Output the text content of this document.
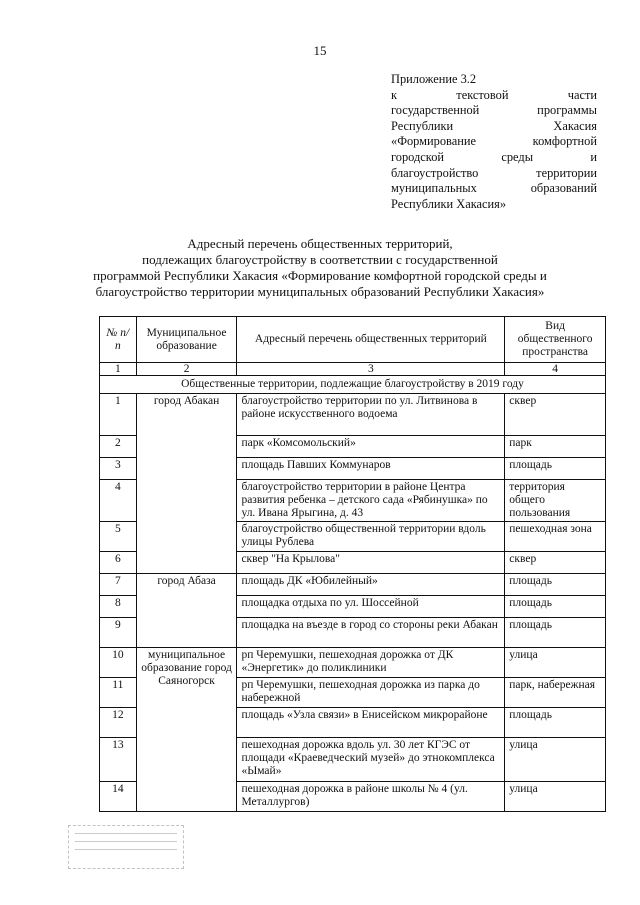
15
Приложение 3.2
к текстовой части
государственной программы
Республики Хакасия
«Формирование комфортной
городской среды и
благоустройство территории
муниципальных образований
Республики Хакасия»
Адресный перечень общественных территорий,
подлежащих благоустройству в соответствии с государственной
программой Республики Хакасия «Формирование комфортной городской среды и
благоустройство территории муниципальных образований Республики Хакасия»
№ п/п	Муниципальное образование	Адресный перечень общественных территорий	Вид общественного пространства
1	2	3	4
Общественные территории, подлежащие благоустройству в 2019 году			
1	город Абакан	благоустройство территории по ул. Литвинова в районе искусственного водоема	сквер
2		парк «Комсомольский»	парк
3		площадь Павших Коммунаров	площадь
4		благоустройство территории в районе Центра развития ребенка – детского сада «Рябинушка» по ул. Ивана Ярыгина, д. 43	территория общего пользования
5		благоустройство общественной территории вдоль улицы Рублева	пешеходная зона
6		сквер "На Крылова"	сквер
7	город Абаза	площадь ДК «Юбилейный»	площадь
8		площадка отдыха по ул. Шоссейной	площадь
9		площадка на въезде в город со стороны реки Абакан	площадь
10	муниципальное образование город Саяногорск	рп Черемушки, пешеходная дорожка от ДК «Энергетик» до поликлиники	улица
11		рп Черемушки, пешеходная дорожка из парка до набережной	парк, набережная
12		площадь «Узла связи» в Енисейском микрорайоне	площадь
13		пешеходная дорожка вдоль ул. 30 лет КГЭС от площади «Краеведческий музей» до этнокомплекса «Ымай»	улица
14		пешеходная дорожка в районе школы № 4 (ул. Металлургов)	улица
